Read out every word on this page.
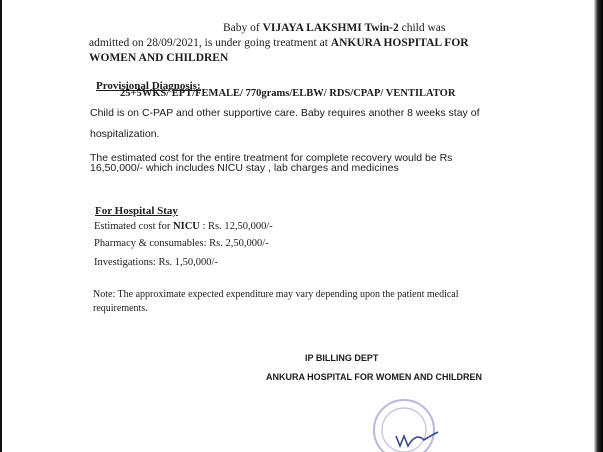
Baby of VIJAYA LAKSHMI Twin-2 child was
admitted on 28/09/2021, is under going treatment at ANKURA HOSPITAL FOR
WOMEN AND CHILDREN
Provisional Diagnosis:
25+5WKS/ EPT/FEMALE/ 770grams/ELBW/ RDS/CPAP/ VENTILATOR
Child is on C-PAP and other supportive care. Baby requires another 8 weeks stay of
hospitalization.
The estimated cost for the entire treatment for complete recovery would be Rs
16,50,000/- which includes NICU stay , lab charges and medicines
For Hospital Stay
Estimated cost for NICU : Rs. 12,50,000/-
Pharmacy & consumables: Rs. 2,50,000/-
Investigations: Rs. 1,50,000/-
Note: The approximate expected expenditure may vary depending upon the patient medical
requirements.
IP BILLING DEPT
ANKURA HOSPITAL FOR WOMEN AND CHILDREN
